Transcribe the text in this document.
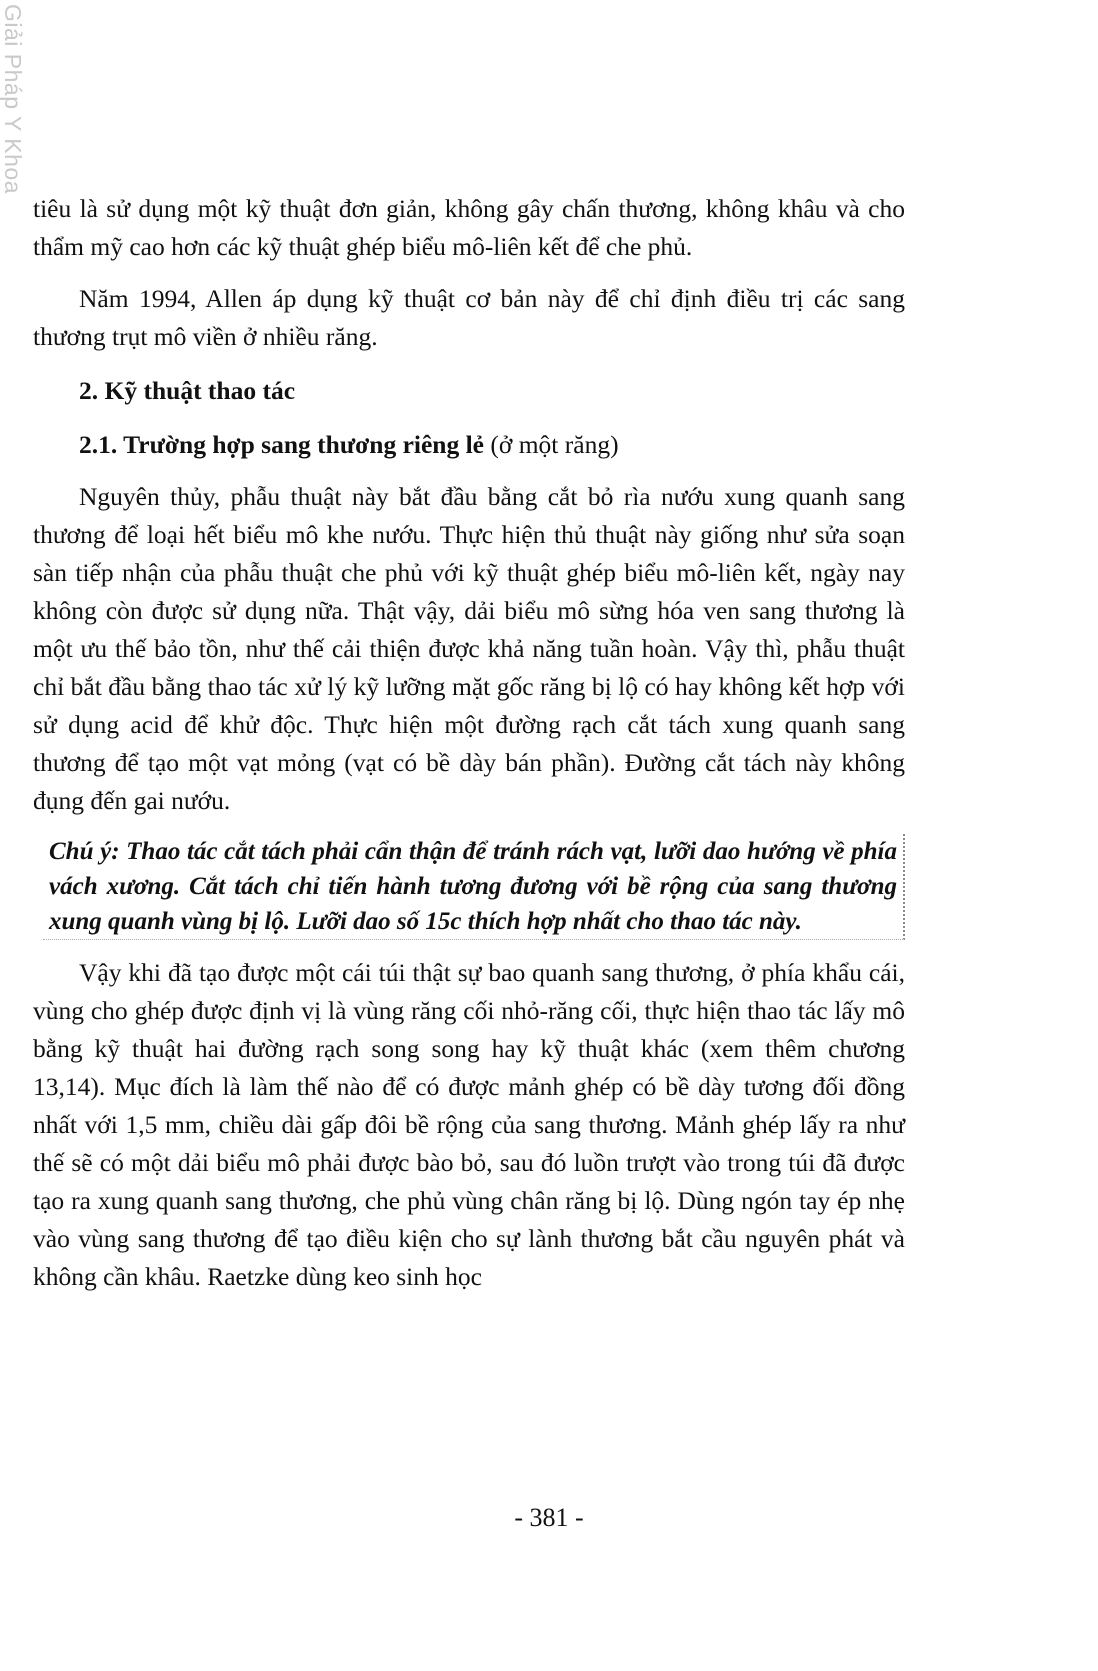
Giải Pháp Y Khoa

tiêu là sử dụng một kỹ thuật đơn giản, không gây chấn thương, không khâu và cho thẩm mỹ cao hơn các kỹ thuật ghép biểu mô-liên kết để che phủ.

Năm 1994, Allen áp dụng kỹ thuật cơ bản này để chỉ định điều trị các sang thương trụt mô viền ở nhiều răng.

2. Kỹ thuật thao tác

2.1. Trường hợp sang thương riêng lẻ (ở một răng)

Nguyên thủy, phẫu thuật này bắt đầu bằng cắt bỏ rìa nướu xung quanh sang thương để loại hết biểu mô khe nướu. Thực hiện thủ thuật này giống như sửa soạn sàn tiếp nhận của phẫu thuật che phủ với kỹ thuật ghép biểu mô-liên kết, ngày nay không còn được sử dụng nữa. Thật vậy, dải biểu mô sừng hóa ven sang thương là một ưu thế bảo tồn, như thế cải thiện được khả năng tuần hoàn. Vậy thì, phẫu thuật chỉ bắt đầu bằng thao tác xử lý kỹ lưỡng mặt gốc răng bị lộ có hay không kết hợp với sử dụng acid để khử độc. Thực hiện một đường rạch cắt tách xung quanh sang thương để tạo một vạt mỏng (vạt có bề dày bán phần). Đường cắt tách này không đụng đến gai nướu.

Chú ý: Thao tác cắt tách phải cẩn thận để tránh rách vạt, lưỡi dao hướng về phía vách xương. Cắt tách chỉ tiến hành tương đương với bề rộng của sang thương xung quanh vùng bị lộ. Lưỡi dao số 15c thích hợp nhất cho thao tác này.

Vậy khi đã tạo được một cái túi thật sự bao quanh sang thương, ở phía khẩu cái, vùng cho ghép được định vị là vùng răng cối nhỏ-răng cối, thực hiện thao tác lấy mô bằng kỹ thuật hai đường rạch song song hay kỹ thuật khác (xem thêm chương 13,14). Mục đích là làm thế nào để có được mảnh ghép có bề dày tương đối đồng nhất với 1,5 mm, chiều dài gấp đôi bề rộng của sang thương. Mảnh ghép lấy ra như thế sẽ có một dải biểu mô phải được bào bỏ, sau đó luồn trượt vào trong túi đã được tạo ra xung quanh sang thương, che phủ vùng chân răng bị lộ. Dùng ngón tay ép nhẹ vào vùng sang thương để tạo điều kiện cho sự lành thương bắt cầu nguyên phát và không cần khâu. Raetzke dùng keo sinh học

- 381 -
